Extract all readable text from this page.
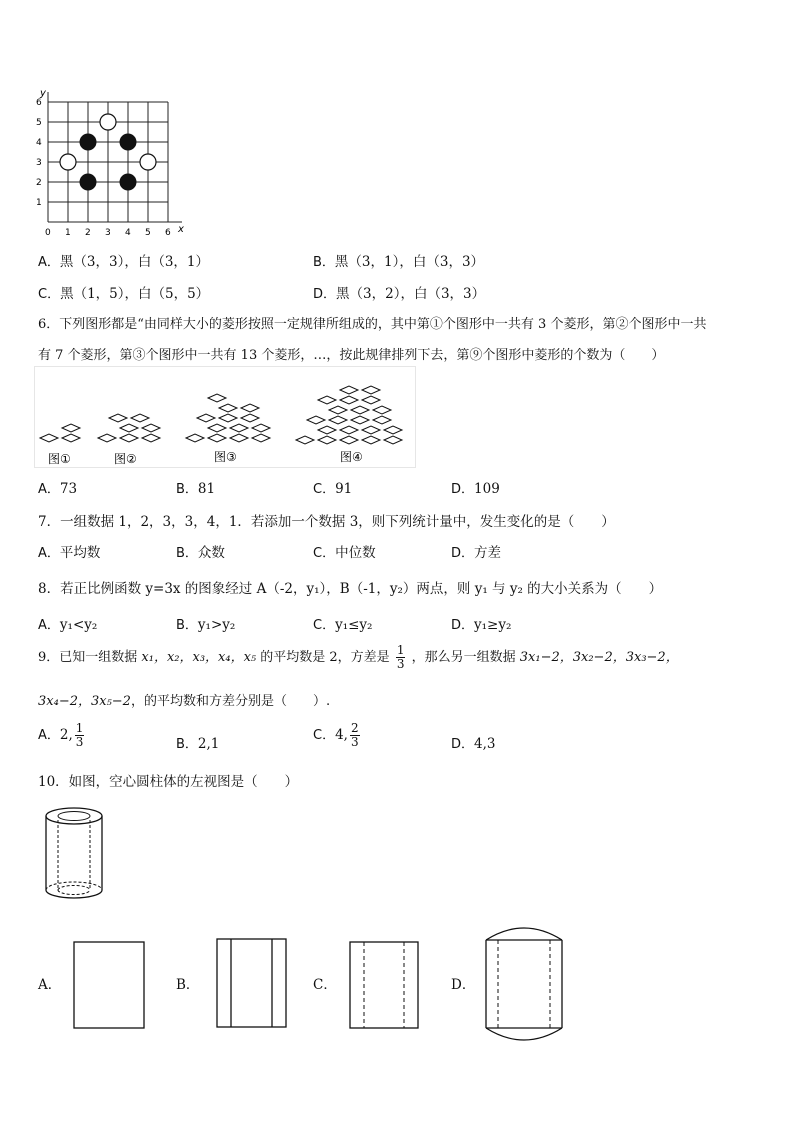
0 1 2 3 4 5 6
1
2
3
4
5
6
x
y
A．黑（3，3），白（3，1）	B．黑（3，1），白（3，3）
C．黑（1，5），白（5，5）	D．黑（3，2），白（3，3）
6．下列图形都是“由同样大小的菱形按照一定规律所组成的，其中第①个图形中一共有 3 个菱形，第②个图形中一共
有 7 个菱形，第③个图形中一共有 13 个菱形，…，按此规律排列下去，第⑨个图形中菱形的个数为（　　）
图①	图②	图③	图④
A．73	B．81	C．91	D．109
7．一组数据 1，2，3，3，4，1．若添加一个数据 3，则下列统计量中，发生变化的是（　　）
A．平均数	B．众数	C．中位数	D．方差
8．若正比例函数 y=3x 的图象经过 A（-2，y₁），B（-1，y₂）两点，则 y₁ 与 y₂ 的大小关系为（　　）
A．y₁<y₂	B．y₁>y₂	C．y₁≤y₂	D．y₁≥y₂
9．已知一组数据 x₁，x₂，x₃，x₄，x₅ 的平均数是 2，方差是 $\frac{1}{3}$ ，那么另一组数据 3x₁−2，3x₂−2，3x₃−2，
3x₄−2，3x₅−2，的平均数和方差分别是（　　）.
A．2, $\frac{1}{3}$	B．2,1
C．4, $\frac{2}{3}$	D．4,3
10．如图，空心圆柱体的左视图是（　　）
A．	B．	C．	D．
